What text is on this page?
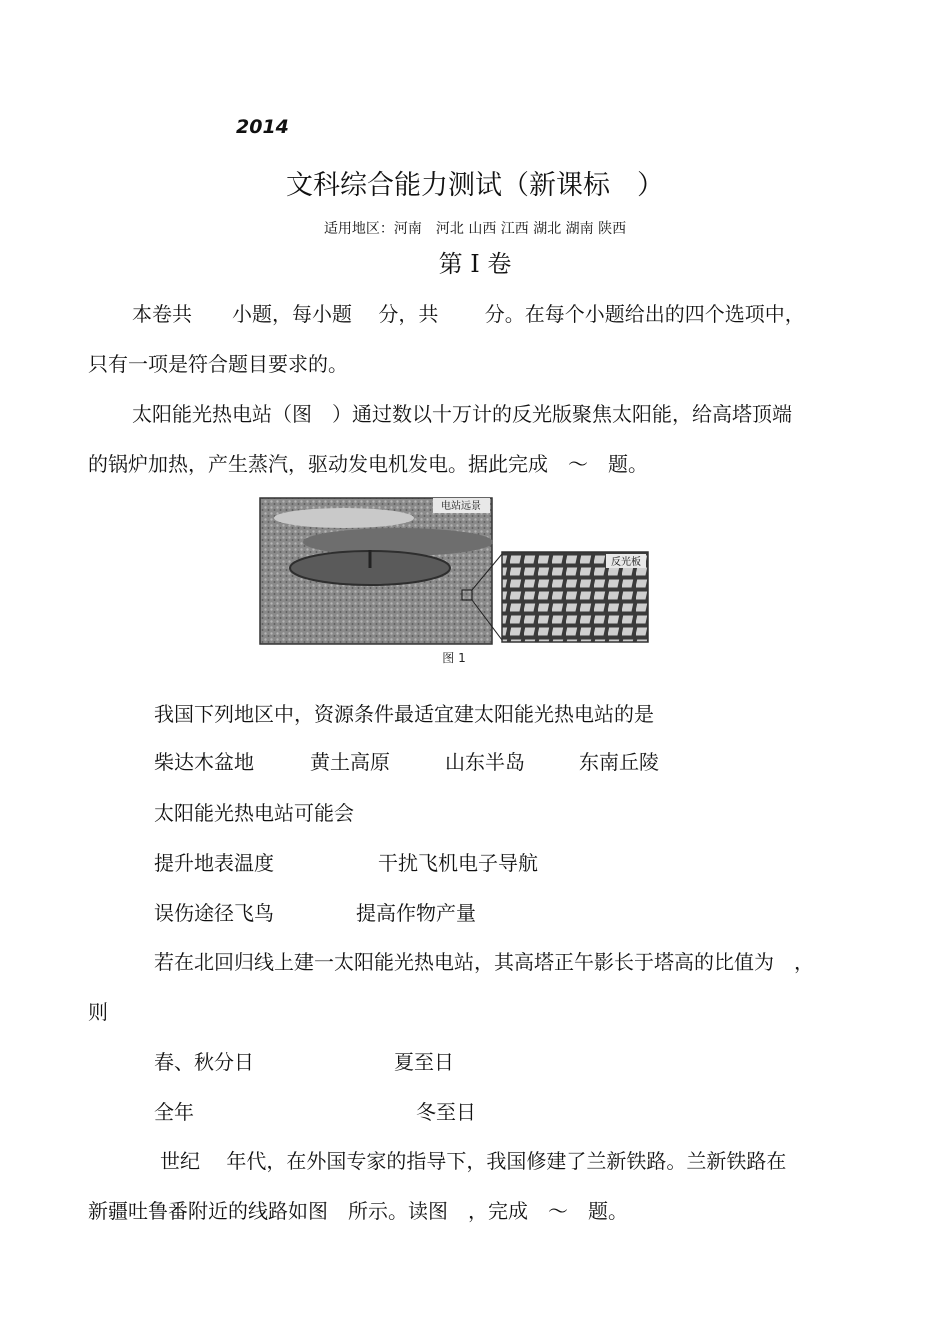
2014
文科综合能力测试（新课标　）
适用地区：河南　河北 山西 江西 湖北 湖南 陕西
第 I 卷
本卷共　　小题，每小题　 分，共　　 分。在每个小题给出的四个选项中，
只有一项是符合题目要求的。
太阳能光热电站（图　）通过数以十万计的反光版聚焦太阳能，给高塔顶端
的锅炉加热，产生蒸汽，驱动发电机发电。据此完成　～　题。
电站远景
反光板
图 1
我国下列地区中，资源条件最适宜建太阳能光热电站的是
柴达木盆地	黄土高原	山东半岛	东南丘陵
太阳能光热电站可能会
提升地表温度	干扰飞机电子导航
误伤途径飞鸟	提高作物产量
若在北回归线上建一太阳能光热电站，其高塔正午影长于塔高的比值为　，
则
春、秋分日	夏至日
全年	冬至日
世纪　 年代，在外国专家的指导下，我国修建了兰新铁路。兰新铁路在
新疆吐鲁番附近的线路如图　所示。读图　，完成　～　题。
